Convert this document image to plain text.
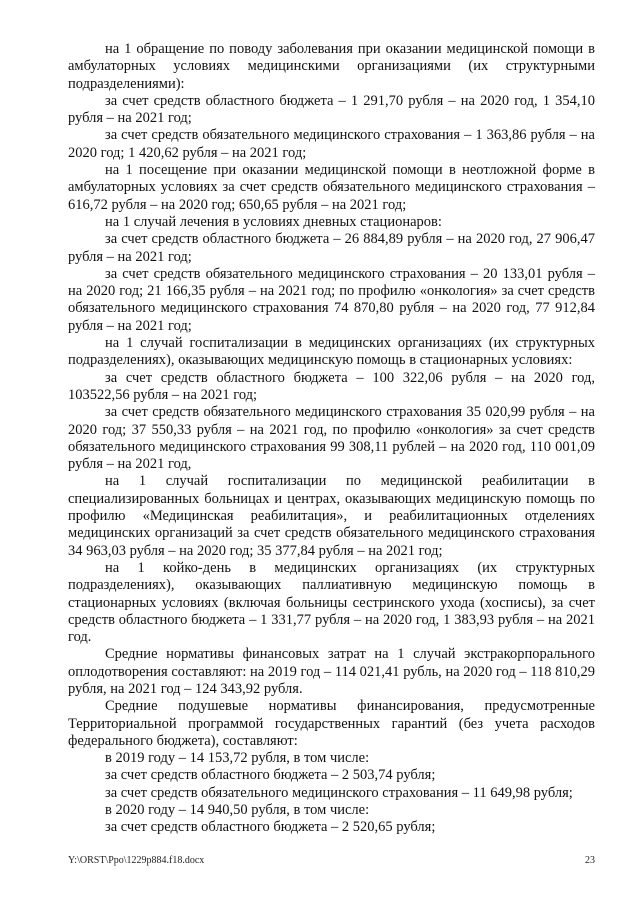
на 1 обращение по поводу заболевания при оказании медицинской помощи в амбулаторных условиях медицинскими организациями (их структурными подразделениями):

за счет средств областного бюджета – 1 291,70 рубля – на 2020 год, 1 354,10 рубля – на 2021 год;

за счет средств обязательного медицинского страхования – 1 363,86 рубля – на 2020 год; 1 420,62 рубля – на 2021 год;

на 1 посещение при оказании медицинской помощи в неотложной форме в амбулаторных условиях за счет средств обязательного медицинского страхования – 616,72 рубля – на 2020 год; 650,65 рубля – на 2021 год;

на 1 случай лечения в условиях дневных стационаров:

за счет средств областного бюджета – 26 884,89 рубля – на 2020 год, 27 906,47 рубля – на 2021 год;

за счет средств обязательного медицинского страхования – 20 133,01 рубля – на 2020 год; 21 166,35 рубля – на 2021 год; по профилю «онкология» за счет средств обязательного медицинского страхования 74 870,80 рубля – на 2020 год, 77 912,84 рубля – на 2021 год;

на 1 случай госпитализации в медицинских организациях (их структурных подразделениях), оказывающих медицинскую помощь в стационарных условиях:

за счет средств областного бюджета – 100 322,06 рубля – на 2020 год, 103522,56 рубля – на 2021 год;

за счет средств обязательного медицинского страхования 35 020,99 рубля – на 2020 год; 37 550,33 рубля – на 2021 год, по профилю «онкология» за счет средств обязательного медицинского страхования 99 308,11 рублей – на 2020 год, 110 001,09 рубля – на 2021 год,

на 1 случай госпитализации по медицинской реабилитации в специализированных больницах и центрах, оказывающих медицинскую помощь по профилю «Медицинская реабилитация», и реабилитационных отделениях медицинских организаций за счет средств обязательного медицинского страхования 34 963,03 рубля – на 2020 год; 35 377,84 рубля – на 2021 год;

на 1 койко-день в медицинских организациях (их структурных подразделениях), оказывающих паллиативную медицинскую помощь в стационарных условиях (включая больницы сестринского ухода (хосписы), за счет средств областного бюджета – 1 331,77 рубля – на 2020 год, 1 383,93 рубля – на 2021 год.

Средние нормативы финансовых затрат на 1 случай экстракорпорального оплодотворения составляют: на 2019 год – 114 021,41 рубль, на 2020 год – 118 810,29 рубля, на 2021 год – 124 343,92 рубля.

Средние подушевые нормативы финансирования, предусмотренные Территориальной программой государственных гарантий (без учета расходов федерального бюджета), составляют:

в 2019 году – 14 153,72 рубля, в том числе:

за счет средств областного бюджета – 2 503,74 рубля;

за счет средств обязательного медицинского страхования – 11 649,98 рубля;

в 2020 году – 14 940,50 рубля, в том числе:

за счет средств областного бюджета – 2 520,65 рубля;

Y:\ORST\Ppo\1229p884.f18.docx	23
